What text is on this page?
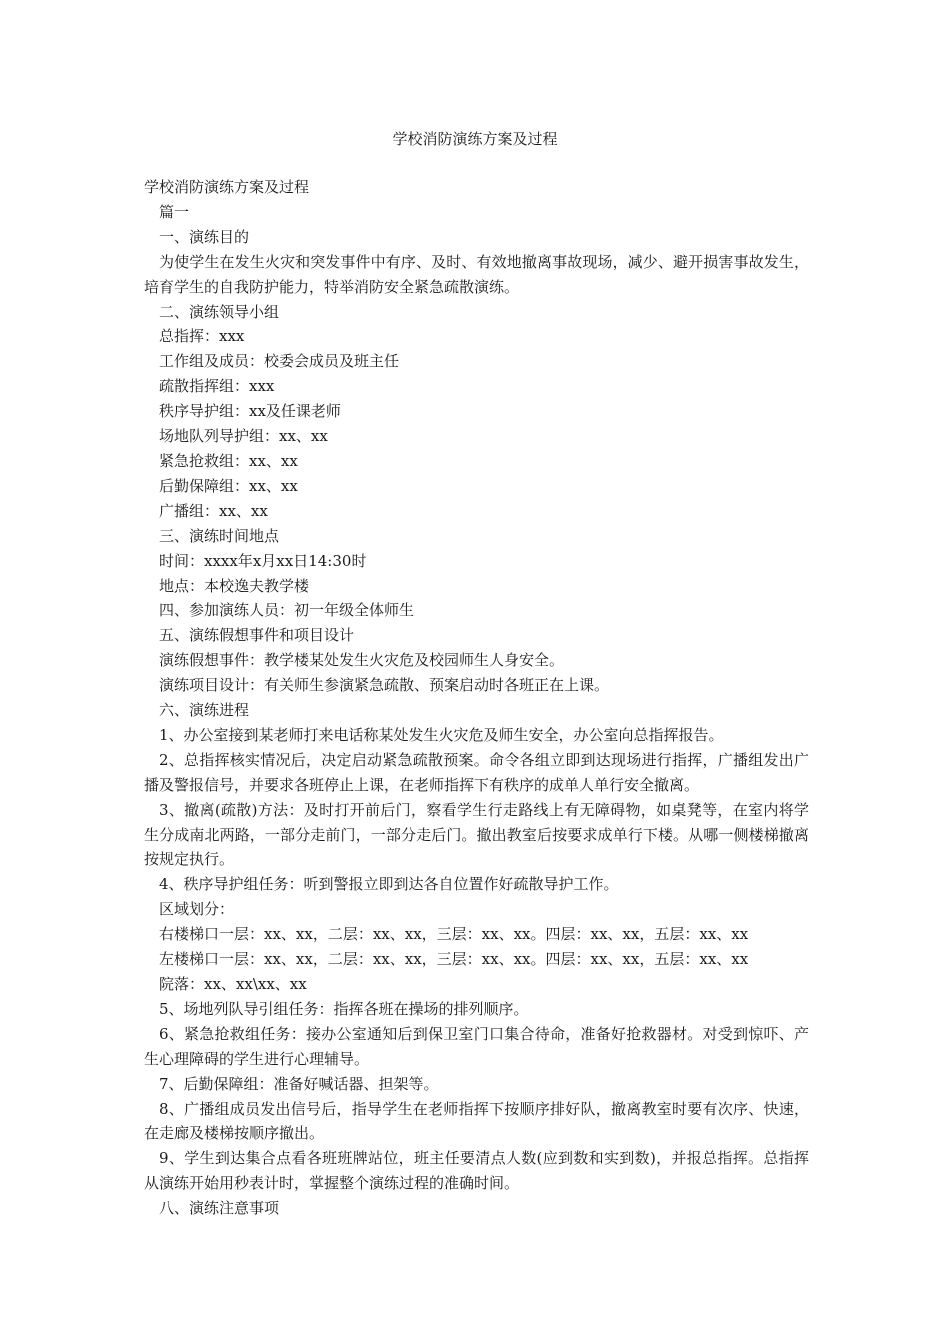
学校消防演练方案及过程

学校消防演练方案及过程

篇一

一、演练目的

为使学生在发生火灾和突发事件中有序、及时、有效地撤离事故现场，减少、避开损害事故发生，培育学生的自我防护能力，特举消防安全紧急疏散演练。

二、演练领导小组

总指挥：xxx

工作组及成员：校委会成员及班主任

疏散指挥组：xxx

秩序导护组：xx及任课老师

场地队列导护组：xx、xx

紧急抢救组：xx、xx

后勤保障组：xx、xx

广播组：xx、xx

三、演练时间地点

时间：xxxx年x月xx日14:30时

地点：本校逸夫教学楼

四、参加演练人员：初一年级全体师生

五、演练假想事件和项目设计

演练假想事件：教学楼某处发生火灾危及校园师生人身安全。

演练项目设计：有关师生参演紧急疏散、预案启动时各班正在上课。

六、演练进程

1、办公室接到某老师打来电话称某处发生火灾危及师生安全，办公室向总指挥报告。

2、总指挥核实情况后，决定启动紧急疏散预案。命令各组立即到达现场进行指挥，广播组发出广播及警报信号，并要求各班停止上课，在老师指挥下有秩序的成单人单行安全撤离。

3、撤离(疏散)方法：及时打开前后门，察看学生行走路线上有无障碍物，如桌凳等，在室内将学生分成南北两路，一部分走前门，一部分走后门。撤出教室后按要求成单行下楼。从哪一侧楼梯撤离按规定执行。

4、秩序导护组任务：听到警报立即到达各自位置作好疏散导护工作。

区域划分：

右楼梯口一层：xx、xx，二层：xx、xx，三层：xx、xx。四层：xx、xx，五层：xx、xx

左楼梯口一层：xx、xx，二层：xx、xx，三层：xx、xx。四层：xx、xx，五层：xx、xx

院落：xx、xx\xx、xx

5、场地列队导引组任务：指挥各班在操场的排列顺序。

6、紧急抢救组任务：接办公室通知后到保卫室门口集合待命，准备好抢救器材。对受到惊吓、产生心理障碍的学生进行心理辅导。

7、后勤保障组：准备好喊话器、担架等。

8、广播组成员发出信号后，指导学生在老师指挥下按顺序排好队，撤离教室时要有次序、快速，在走廊及楼梯按顺序撤出。

9、学生到达集合点看各班班牌站位，班主任要清点人数(应到数和实到数)，并报总指挥。总指挥从演练开始用秒表计时，掌握整个演练过程的准确时间。

八、演练注意事项
